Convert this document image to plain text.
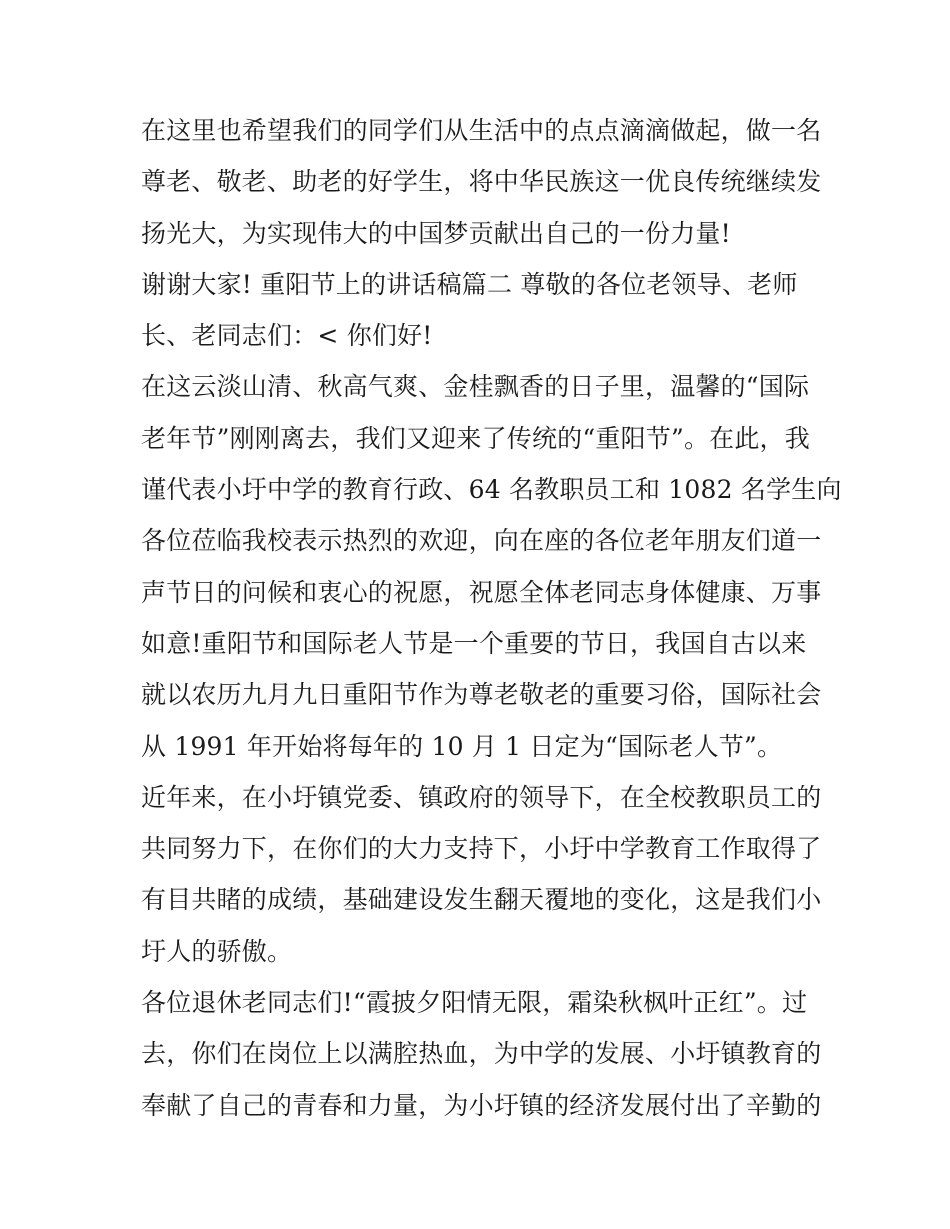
在这里也希望我们的同学们从生活中的点点滴滴做起，做一名
尊老、敬老、助老的好学生，将中华民族这一优良传统继续发
扬光大，为实现伟大的中国梦贡献出自己的一份力量!
谢谢大家! 重阳节上的讲话稿篇二 尊敬的各位老领导、老师
长、老同志们：< 你们好!
在这云淡山清、秋高气爽、金桂飘香的日子里，温馨的“国际
老年节”刚刚离去，我们又迎来了传统的“重阳节”。在此，我
谨代表小圩中学的教育行政、64 名教职员工和 1082 名学生向
各位莅临我校表示热烈的欢迎，向在座的各位老年朋友们道一
声节日的问候和衷心的祝愿，祝愿全体老同志身体健康、万事
如意!重阳节和国际老人节是一个重要的节日，我国自古以来
就以农历九月九日重阳节作为尊老敬老的重要习俗，国际社会
从 1991 年开始将每年的 10 月 1 日定为“国际老人节”。
近年来，在小圩镇党委、镇政府的领导下，在全校教职员工的
共同努力下，在你们的大力支持下，小圩中学教育工作取得了
有目共睹的成绩，基础建设发生翻天覆地的变化，这是我们小
圩人的骄傲。
各位退休老同志们!“霞披夕阳情无限，霜染秋枫叶正红”。过
去，你们在岗位上以满腔热血，为中学的发展、小圩镇教育的
奉献了自己的青春和力量，为小圩镇的经济发展付出了辛勤的
